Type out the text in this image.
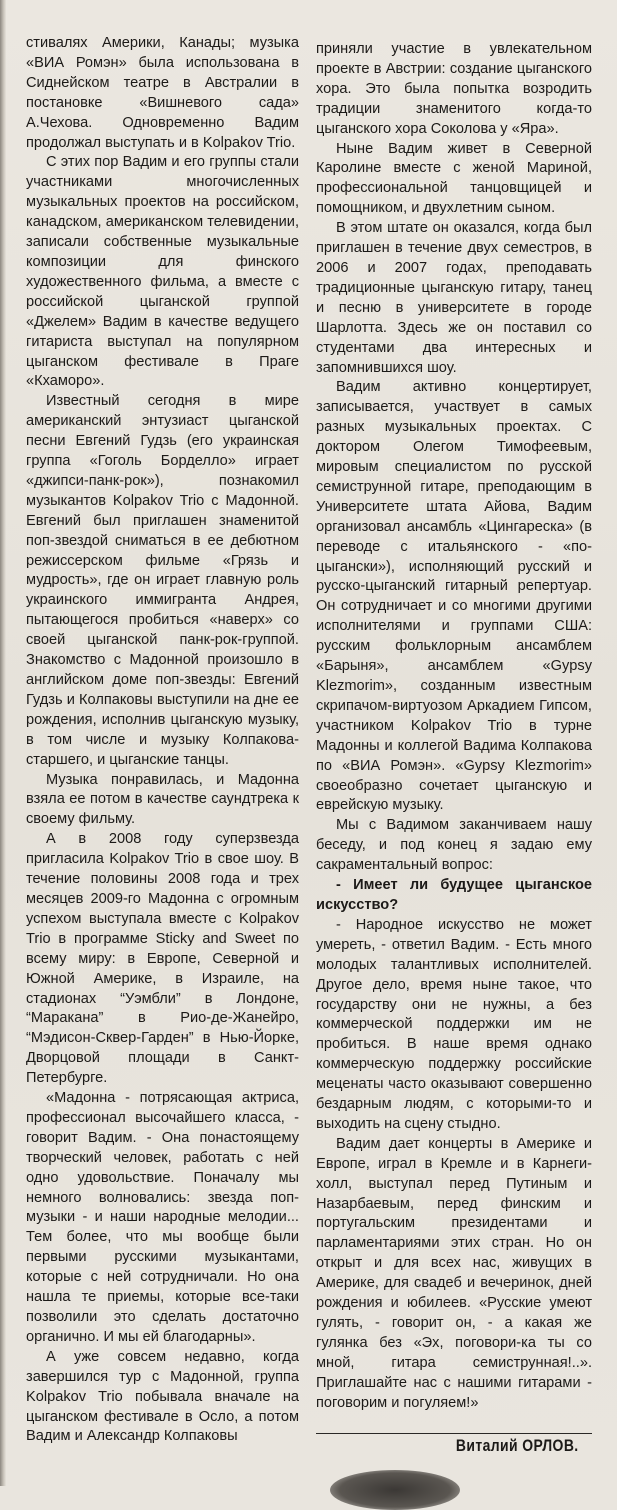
стивалях Америки, Канады; музыка «ВИА Ромэн» была использована в Сиднейском театре в Австралии в постановке «Вишневого сада» А.Чехова. Одновременно Вадим продолжал выступать и в Kolpakov Trio.

С этих пор Вадим и его группы стали участниками многочисленных музыкальных проектов на российском, канадском, американском телевидении, записали собственные музыкальные композиции для финского художественного фильма, а вместе с российской цыганской группой «Джелем» Вадим в качестве ведущего гитариста выступал на популярном цыганском фестивале в Праге «Кхаморо».

Известный сегодня в мире американский энтузиаст цыганской песни Евгений Гудзь (его украинская группа «Гоголь Борделло» играет «джипси-панк-рок»), познакомил музыкантов Kolpakov Trio с Мадонной. Евгений был приглашен знаменитой поп-звездой сниматься в ее дебютном режиссерском фильме «Грязь и мудрость», где он играет главную роль украинского иммигранта Андрея, пытающегося пробиться «наверх» со своей цыганской панк-рок-группой. Знакомство с Мадонной произошло в английском доме поп-звезды: Евгений Гудзь и Колпаковы выступили на дне ее рождения, исполнив цыганскую музыку, в том числе и музыку Колпакова-старшего, и цыганские танцы.

Музыка понравилась, и Мадонна взяла ее потом в качестве саундтрека к своему фильму.

А в 2008 году суперзвезда пригласила Kolpakov Trio в свое шоу. В течение половины 2008 года и трех месяцев 2009-го Мадонна с огромным успехом выступала вместе с Kolpakov Trio в программе Sticky and Sweet по всему миру: в Европе, Северной и Южной Америке, в Израиле, на стадионах “Уэмбли” в Лондоне, “Маракана” в Рио-де-Жанейро, “Мэдисон-Сквер-Гарден” в Нью-Йорке, Дворцовой площади в Санкт-Петербурге.

«Мадонна - потрясающая актриса, профессионал высочайшего класса, - говорит Вадим. - Она понастоящему творческий человек, работать с ней одно удовольствие. Поначалу мы немного волновались: звезда поп-музыки - и наши народные мелодии... Тем более, что мы вообще были первыми русскими музыкантами, которые с ней сотрудничали. Но она нашла те приемы, которые все-таки позволили это сделать достаточно органично. И мы ей благодарны».

А уже совсем недавно, когда завершился тур с Мадонной, группа Kolpakov Trio побывала вначале на цыганском фестивале в Осло, а потом Вадим и Александр Колпаковы

приняли участие в увлекательном проекте в Австрии: создание цыганского хора. Это была попытка возродить традиции знаменитого когда-то цыганского хора Соколова у «Яра».

Ныне Вадим живет в Северной Каролине вместе с женой Мариной, профессиональной танцовщицей и помощником, и двухлетним сыном.

В этом штате он оказался, когда был приглашен в течение двух семестров, в 2006 и 2007 годах, преподавать традиционные цыганскую гитару, танец и песню в университете в городе Шарлотта. Здесь же он поставил со студентами два интересных и запомнившихся шоу.

Вадим активно концертирует, записывается, участвует в самых разных музыкальных проектах. С доктором Олегом Тимофеевым, мировым специалистом по русской семиструнной гитаре, преподающим в Университете штата Айова, Вадим организовал ансамбль «Цингареска» (в переводе с итальянского - «по-цыгански»), исполняющий русский и русско-цыганский гитарный репертуар. Он сотрудничает и со многими другими исполнителями и группами США: русским фольклорным ансамблем «Барыня», ансамблем «Gypsy Klezmorim», созданным известным скрипачом-виртуозом Аркадием Гипсом, участником Kolpakov Trio в турне Мадонны и коллегой Вадима Колпакова по «ВИА Ромэн». «Gypsy Klezmorim» своеобразно сочетает цыганскую и еврейскую музыку.

Мы с Вадимом заканчиваем нашу беседу, и под конец я задаю ему сакраментальный вопрос:

- Имеет ли будущее цыганское искусство?

- Народное искусство не может умереть, - ответил Вадим. - Есть много молодых талантливых исполнителей. Другое дело, время ныне такое, что государству они не нужны, а без коммерческой поддержки им не пробиться. В наше время однако коммерческую поддержку российские меценаты часто оказывают совершенно бездарным людям, с которыми-то и выходить на сцену стыдно.

Вадим дает концерты в Америке и Европе, играл в Кремле и в Карнеги-холл, выступал перед Путиным и Назарбаевым, перед финским и португальским президентами и парламентариями этих стран. Но он открыт и для всех нас, живущих в Америке, для свадеб и вечеринок, дней рождения и юбилеев. «Русские умеют гулять, - говорит он, - а какая же гулянка без «Эх, поговори-ка ты со мной, гитара семиструнная!..». Приглашайте нас с нашими гитарами - поговорим и погуляем!»

Виталий ОРЛОВ.
